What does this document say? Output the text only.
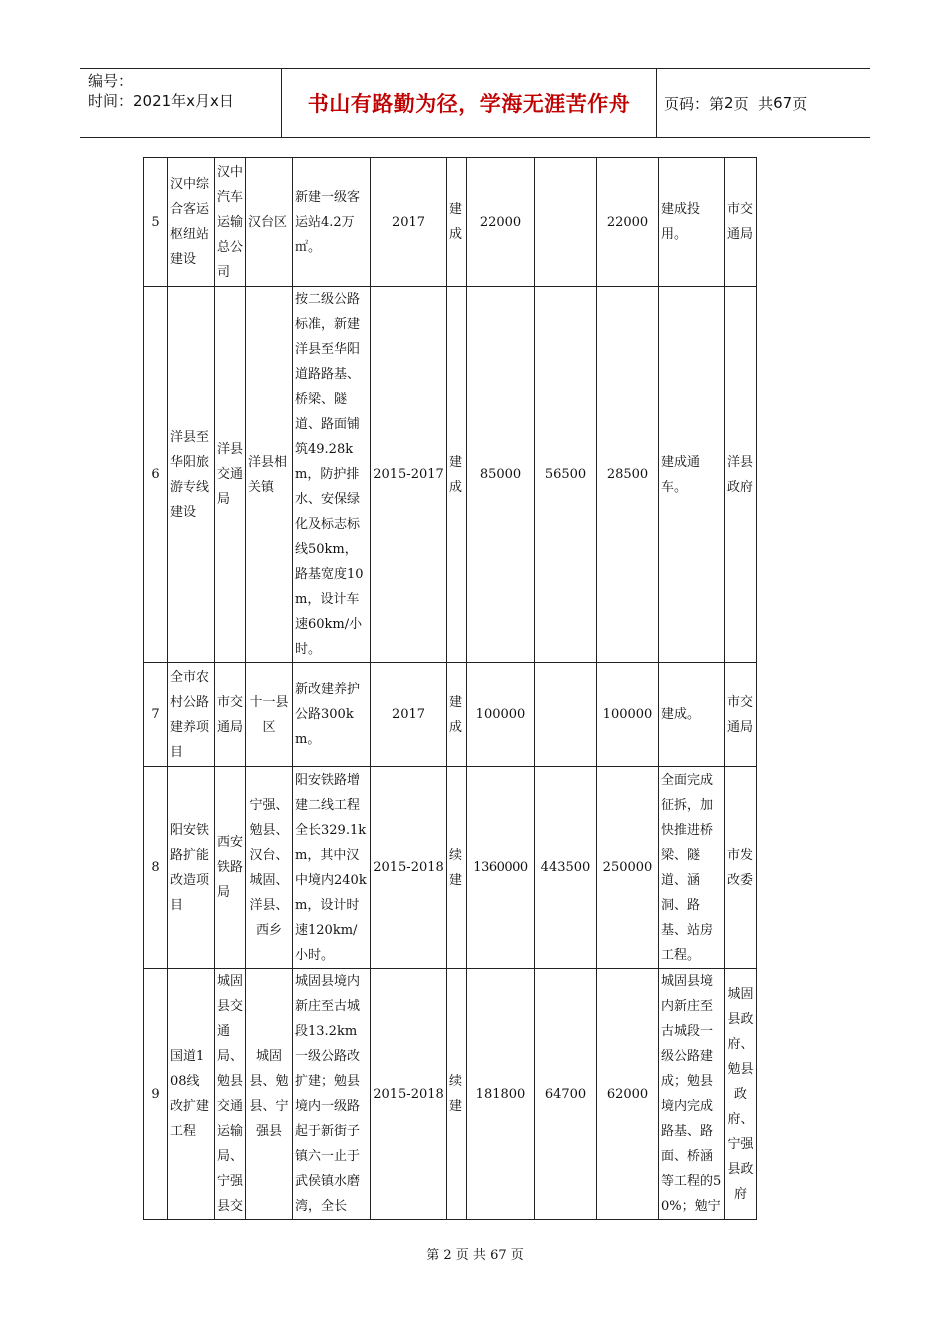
编号：
时间：2021年x月x日	书山有路勤为径，学海无涯苦作舟	页码：第 2 页  共 67 页
5	汉中综合客运枢纽站建设	汉中汽车运输总公司	汉台区	新建一级客运站4.2万㎡。	2017	建成	22000		22000	建成投用。	市交通局
6	洋县至华阳旅游专线建设	洋县交通局	洋县相关镇	按二级公路标准，新建洋县至华阳道路路基、桥梁、隧道、路面铺筑49.28km，防护排水、安保绿化及标志标线50km，路基宽度10m，设计车速60km/小时。	2015-2017	建成	85000	56500	28500	建成通车。	洋县政府
7	全市农村公路建养项目	市交通局	十一县区	新改建养护公路300km。	2017	建成	100000		100000	建成。	市交通局
8	阳安铁路扩能改造项目	西安铁路局	宁强、勉县、汉台、城固、洋县、西乡	阳安铁路增建二线工程全长329.1km，其中汉中境内240km，设计时速120km/小时。	2015-2018	续建	1360000	443500	250000	全面完成征拆，加快推进桥梁、隧道、涵洞、路基、站房工程。	市发改委
9	国道108线改扩建工程	城固县交通局、勉县交通运输局、宁强县交	城固县、勉县、宁强县	城固县境内新庄至古城段13.2km一级公路改扩建；勉县境内一级路起于新街子镇六一止于武侯镇水磨湾，全长	2015-2018	续建	181800	64700	62000	城固县境内新庄至古城段一级公路建成；勉县境内完成路基、路面、桥涵等工程的50%；勉宁	城固县政府、勉县政府、宁强县政府
第 2 页 共 67 页
